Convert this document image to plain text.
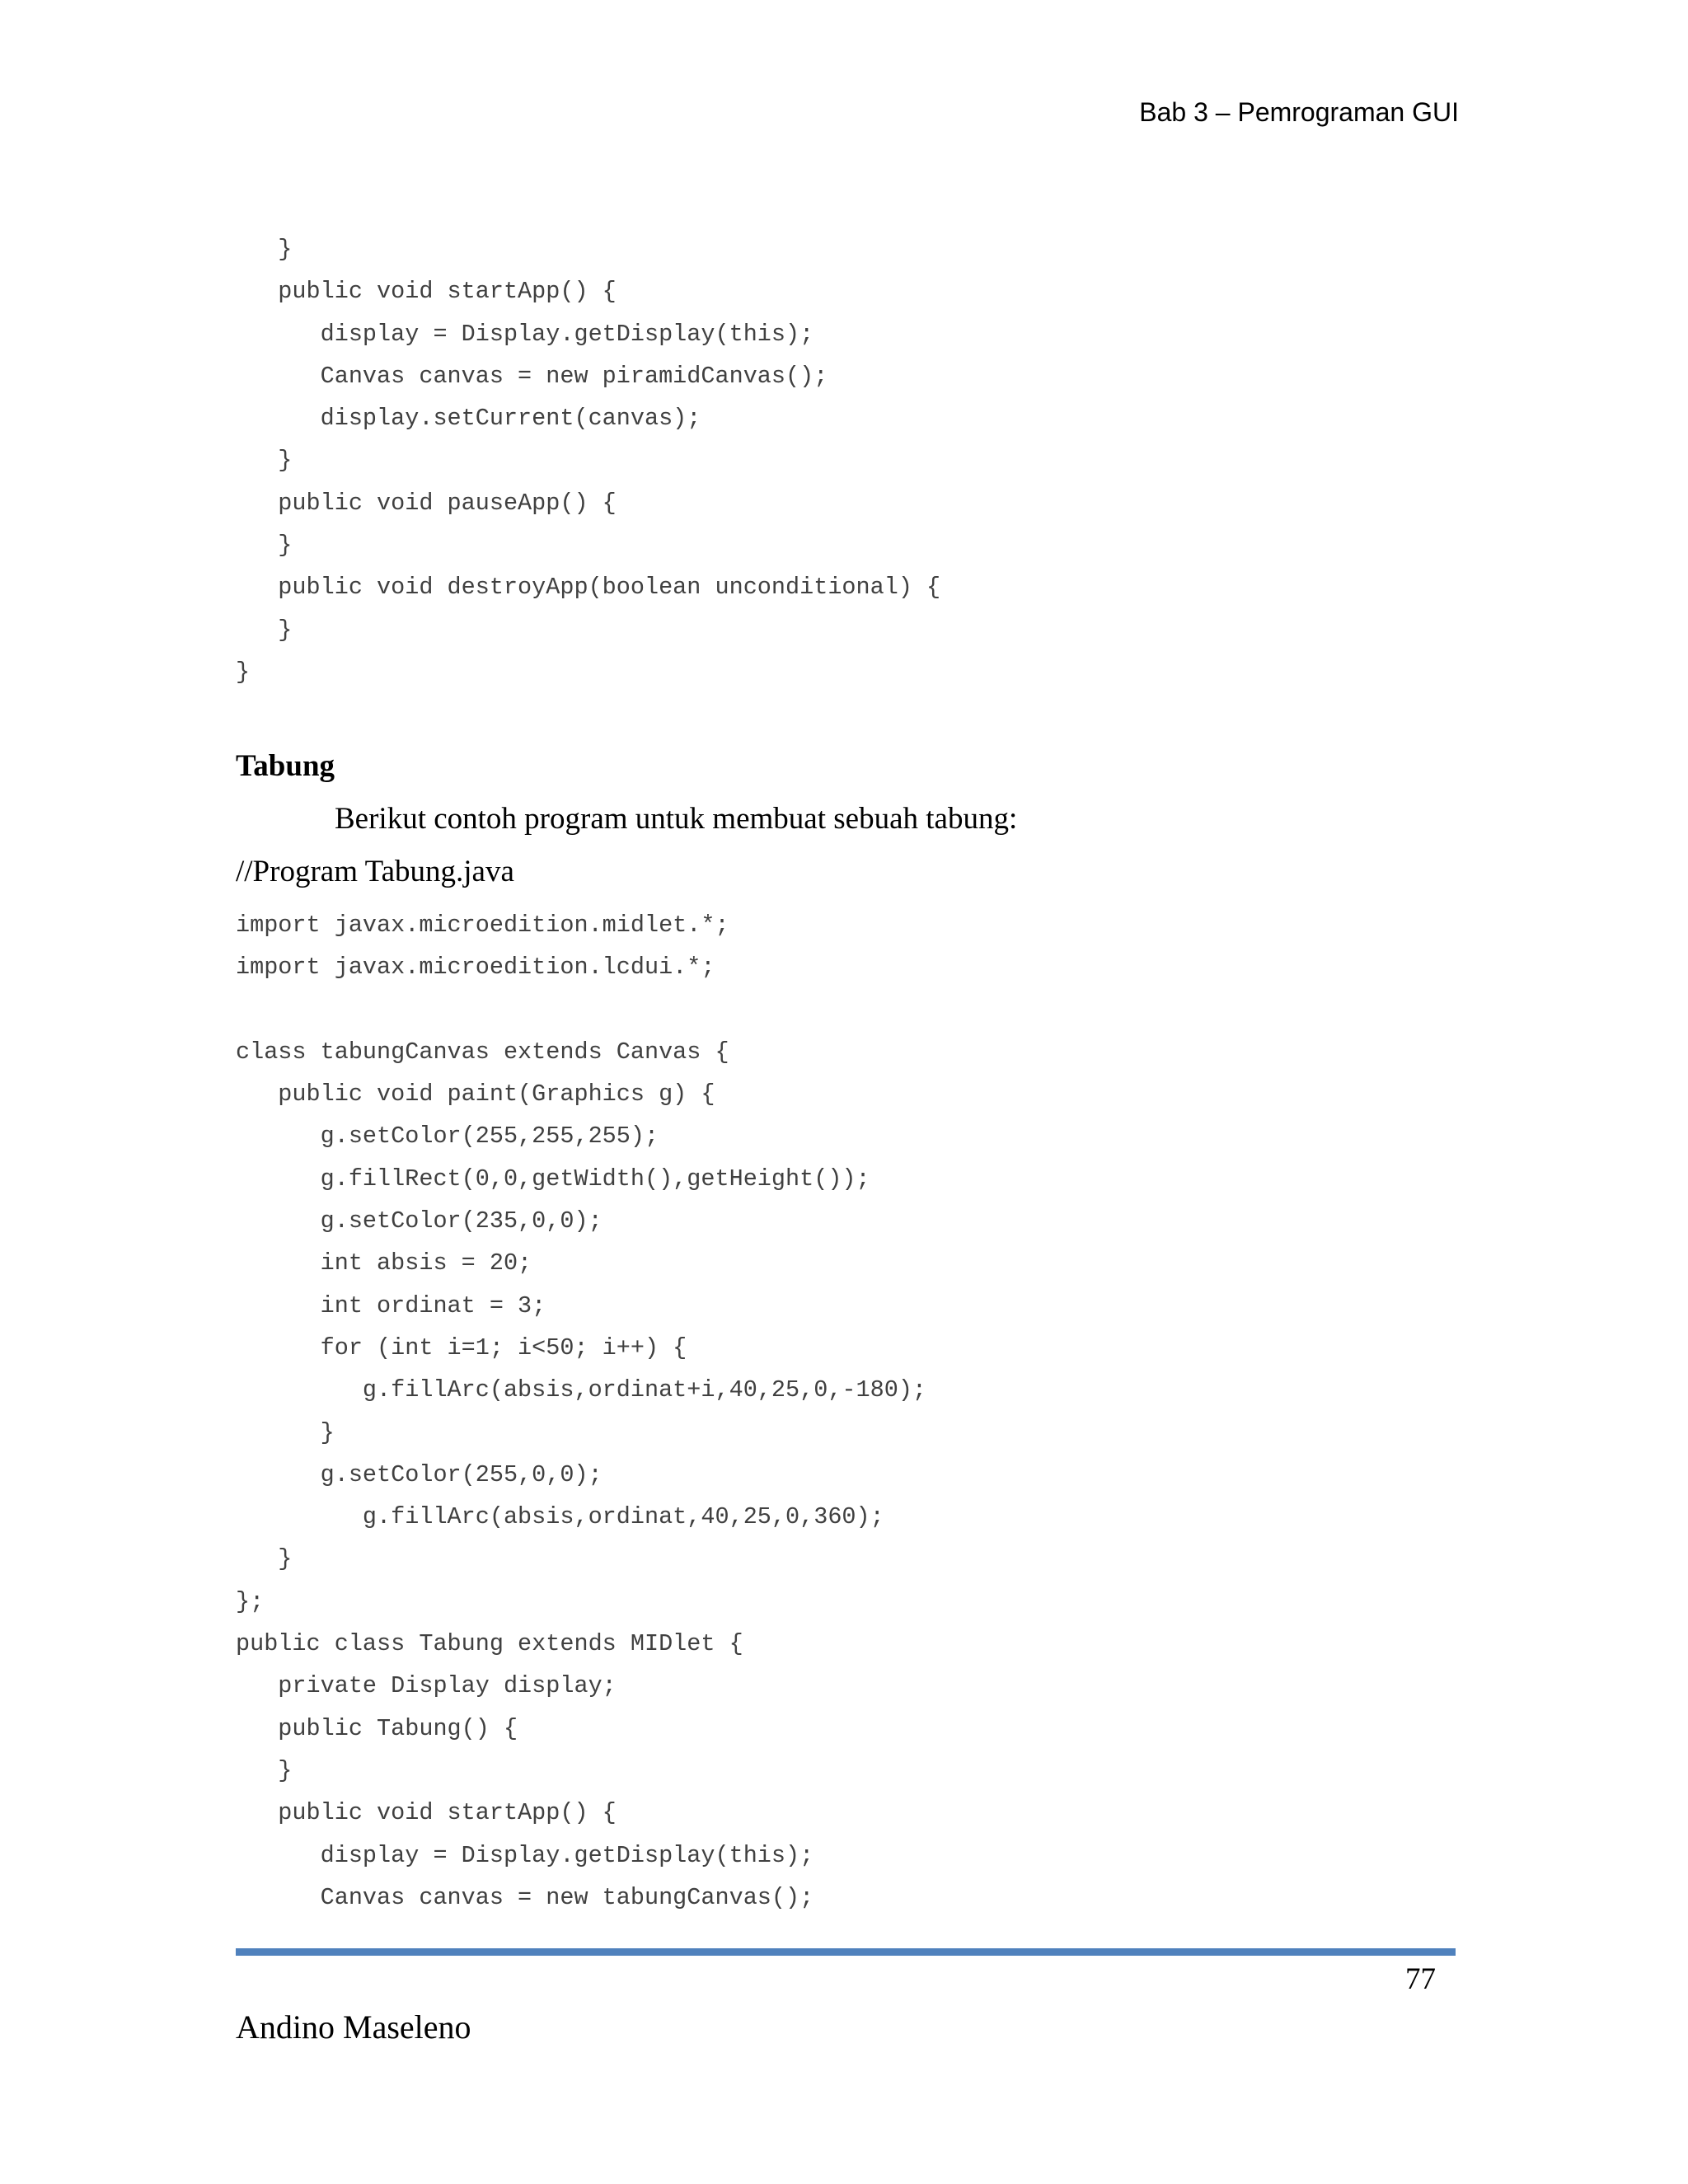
Bab 3 – Pemrograman GUI
}
public void startApp() {
display = Display.getDisplay(this);
Canvas canvas = new piramidCanvas();
display.setCurrent(canvas);
}
public void pauseApp() {
}
public void destroyApp(boolean unconditional) {
}
}
Tabung
Berikut contoh program untuk membuat sebuah tabung:
//Program Tabung.java
import javax.microedition.midlet.*;
import javax.microedition.lcdui.*;
class tabungCanvas extends Canvas {
public void paint(Graphics g) {
g.setColor(255,255,255);
g.fillRect(0,0,getWidth(),getHeight());
g.setColor(235,0,0);
int absis = 20;
int ordinat = 3;
for (int i=1; i<50; i++) {
g.fillArc(absis,ordinat+i,40,25,0,-180);
}
g.setColor(255,0,0);
g.fillArc(absis,ordinat,40,25,0,360);
}
};
public class Tabung extends MIDlet {
private Display display;
public Tabung() {
}
public void startApp() {
display = Display.getDisplay(this);
Canvas canvas = new tabungCanvas();
77
Andino Maseleno
